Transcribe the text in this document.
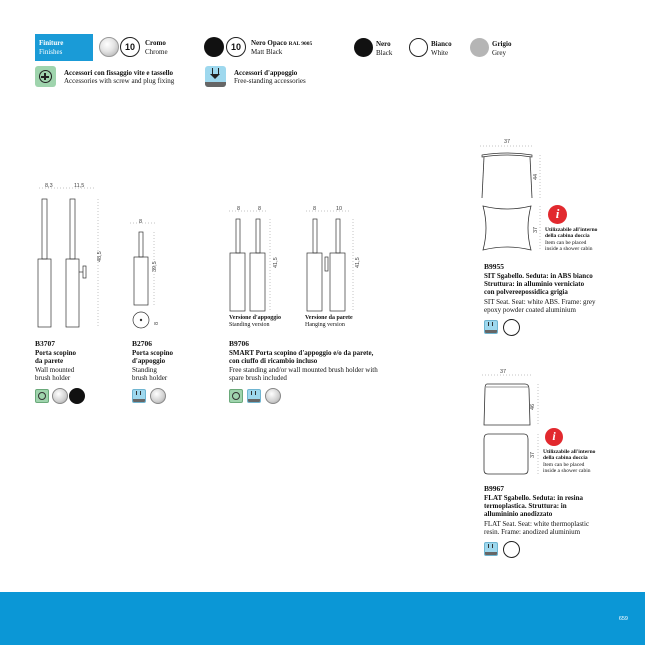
Finiture
Finishes	10	Cromo
Chrome	10	Nero Opaco RAL 9005
Matt Black
Nero
Black
Bianco
White
Grigio
Grey
Accessori con fissaggio vite e tassello
Accessories with screw and plug fixing
Accessori d'appoggio
Free-standing accessories
8,3	11,5
48,5
B3707
Porta scopino
da parete
Wall mounted
brush holder
8
39,5
8
B2706
Porta scopino
d'appoggio
Standing
brush holder
8	8
41,5
8	10
41,5
Versione d'appoggio
Standing version
Versione da parete
Hanging version
B9706
SMART Porta scopino d'appoggio e/o da parete,
con ciuffo di ricambio incluso
Free standing and/or wall mounted brush holder with
spare brush included
37
44
37
i
Utilizzabile all'interno
della cabina doccia
Item can be placed
inside a shower cabin
B9955
SIT Sgabello. Seduta: in ABS bianco
Struttura: in alluminio verniciato
con polvereepossidica grigia
SIT Seat. Seat: white ABS. Frame: grey
epoxy powder coated aluminium
37
46
37
i
Utilizzabile all'interno
della cabina doccia
Item can be placed
inside a shower cabin
B9967
FLAT Sgabello. Seduta: in resina
termoplastica. Struttura: in
allumininio anodizzato
FLAT Seat. Seat: white thermoplastic
resin. Frame: anodized aluminium
659
